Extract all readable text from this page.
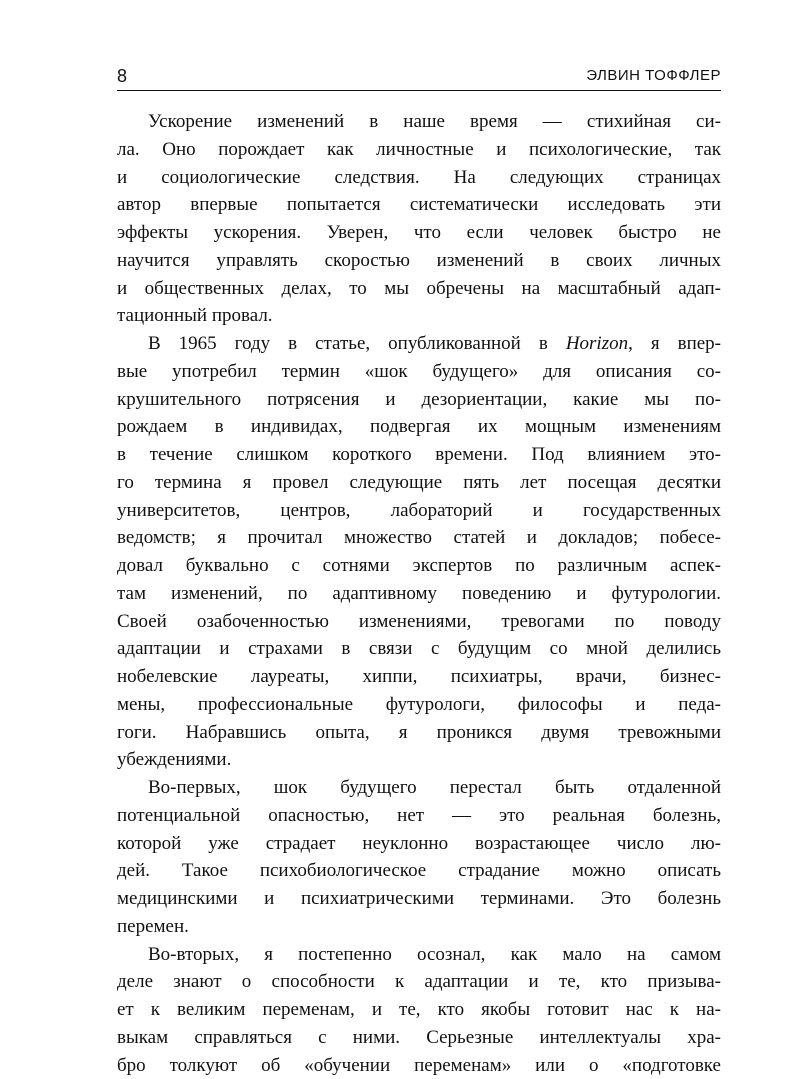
8	ЭЛВИН ТОФФЛЕР
Ускорение изменений в наше время — стихийная си-
ла. Оно порождает как личностные и психологические, так
и социологические следствия. На следующих страницах
автор впервые попытается систематически исследовать эти
эффекты ускорения. Уверен, что если человек быстро не
научится управлять скоростью изменений в своих личных
и общественных делах, то мы обречены на масштабный адап-
тационный провал.
В 1965 году в статье, опубликованной в Horizon, я впер-
вые употребил термин «шок будущего» для описания со-
крушительного потрясения и дезориентации, какие мы по-
рождаем в индивидах, подвергая их мощным изменениям
в течение слишком короткого времени. Под влиянием это-
го термина я провел следующие пять лет посещая десятки
университетов, центров, лабораторий и государственных
ведомств; я прочитал множество статей и докладов; побесе-
довал буквально с сотнями экспертов по различным аспек-
там изменений, по адаптивному поведению и футурологии.
Своей озабоченностью изменениями, тревогами по поводу
адаптации и страхами в связи с будущим со мной делились
нобелевские лауреаты, хиппи, психиатры, врачи, бизнес-
мены, профессиональные футурологи, философы и педа-
гоги. Набравшись опыта, я проникся двумя тревожными
убеждениями.
Во-первых, шок будущего перестал быть отдаленной
потенциальной опасностью, нет — это реальная болезнь,
которой уже страдает неуклонно возрастающее число лю-
дей. Такое психобиологическое страдание можно описать
медицинскими и психиатрическими терминами. Это болезнь
перемен.
Во-вторых, я постепенно осознал, как мало на самом
деле знают о способности к адаптации и те, кто призыва-
ет к великим переменам, и те, кто якобы готовит нас к на-
выкам справляться с ними. Серьезные интеллектуалы хра-
бро толкуют об «обучении переменам» или о «подготовке
